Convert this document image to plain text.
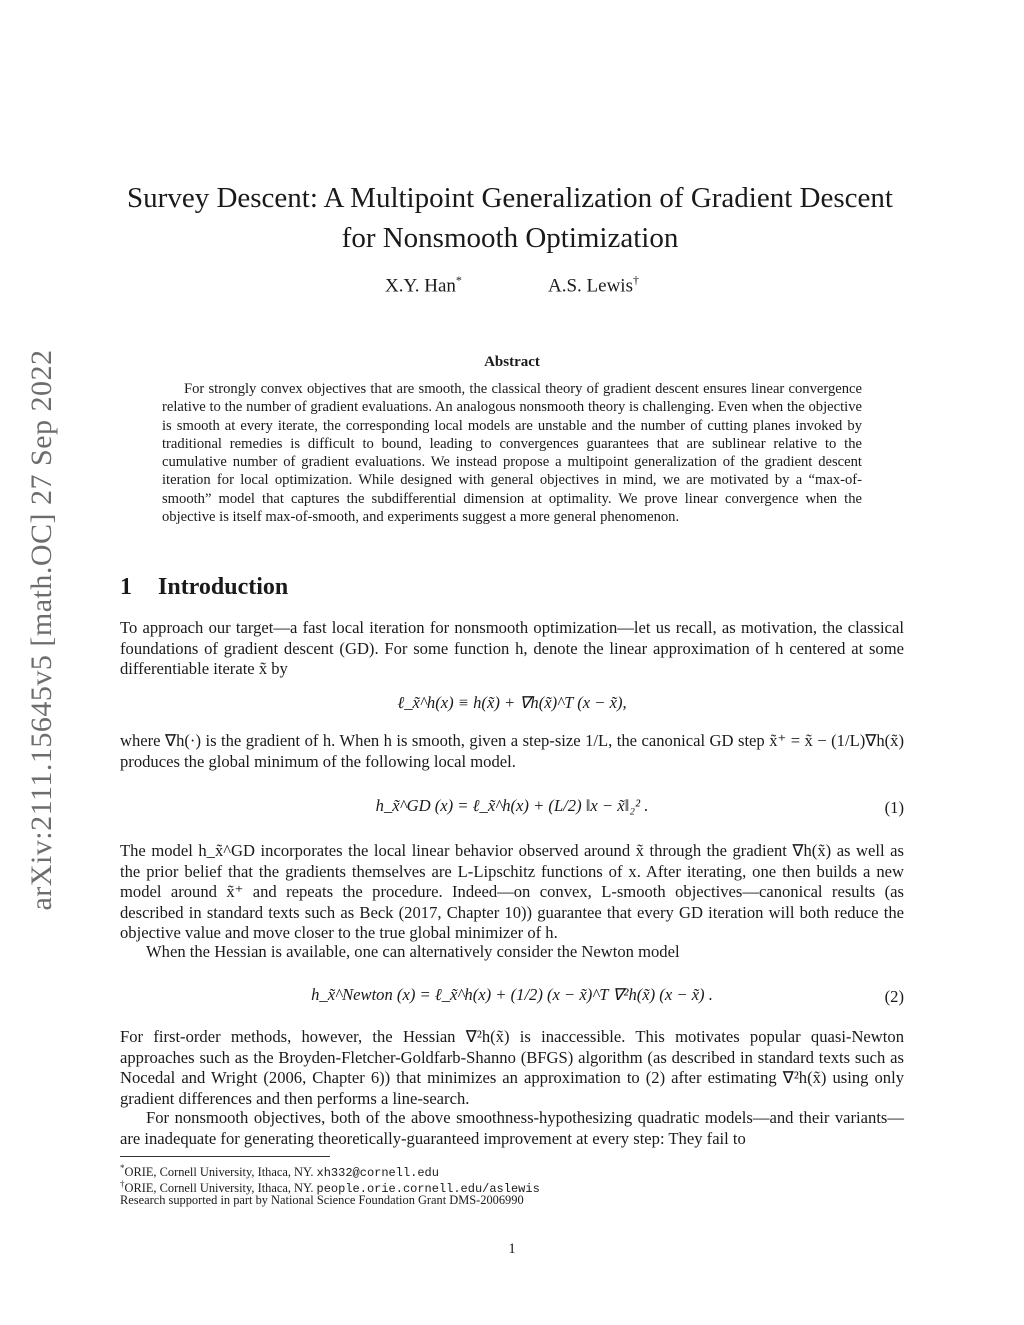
arXiv:2111.15645v5 [math.OC] 27 Sep 2022
Survey Descent: A Multipoint Generalization of Gradient Descent for Nonsmooth Optimization
X.Y. Han*	A.S. Lewis†
Abstract

For strongly convex objectives that are smooth, the classical theory of gradient descent ensures linear convergence relative to the number of gradient evaluations. An analogous nonsmooth theory is challenging. Even when the objective is smooth at every iterate, the corresponding local models are unstable and the number of cutting planes invoked by traditional remedies is difficult to bound, leading to convergences guarantees that are sublinear relative to the cumulative number of gradient evaluations. We instead propose a multipoint generalization of the gradient descent iteration for local optimization. While designed with general objectives in mind, we are motivated by a “max-of-smooth” model that captures the subdifferential dimension at optimality. We prove linear convergence when the objective is itself max-of-smooth, and experiments suggest a more general phenomenon.

1 Introduction

To approach our target—a fast local iteration for nonsmooth optimization—let us recall, as motivation, the classical foundations of gradient descent (GD). For some function h, denote the linear approximation of h centered at some differentiable iterate x̃ by

ℓ_x̃^h(x) ≡ h(x̃) + ∇h(x̃)^T (x − x̃),

where ∇h(·) is the gradient of h. When h is smooth, given a step-size 1/L, the canonical GD step x̃⁺ = x̃ − (1/L)∇h(x̃) produces the global minimum of the following local model.

h_x̃^GD (x) = ℓ_x̃^h(x) + (L/2) ‖x − x̃‖₂² .	(1)

The model h_x̃^GD incorporates the local linear behavior observed around x̃ through the gradient ∇h(x̃) as well as the prior belief that the gradients themselves are L-Lipschitz functions of x. After iterating, one then builds a new model around x̃⁺ and repeats the procedure. Indeed—on convex, L-smooth objectives—canonical results (as described in standard texts such as Beck (2017, Chapter 10)) guarantee that every GD iteration will both reduce the objective value and move closer to the true global minimizer of h.

When the Hessian is available, one can alternatively consider the Newton model

h_x̃^Newton (x) = ℓ_x̃^h(x) + (1/2) (x − x̃)^T ∇²h(x̃) (x − x̃) .	(2)

For first-order methods, however, the Hessian ∇²h(x̃) is inaccessible. This motivates popular quasi-Newton approaches such as the Broyden-Fletcher-Goldfarb-Shanno (BFGS) algorithm (as described in standard texts such as Nocedal and Wright (2006, Chapter 6)) that minimizes an approximation to (2) after estimating ∇²h(x̃) using only gradient differences and then performs a line-search.

For nonsmooth objectives, both of the above smoothness-hypothesizing quadratic models—and their variants—are inadequate for generating theoretically-guaranteed improvement at every step: They fail to

*ORIE, Cornell University, Ithaca, NY. xh332@cornell.edu
†ORIE, Cornell University, Ithaca, NY. people.orie.cornell.edu/aslewis
Research supported in part by National Science Foundation Grant DMS-2006990
1
